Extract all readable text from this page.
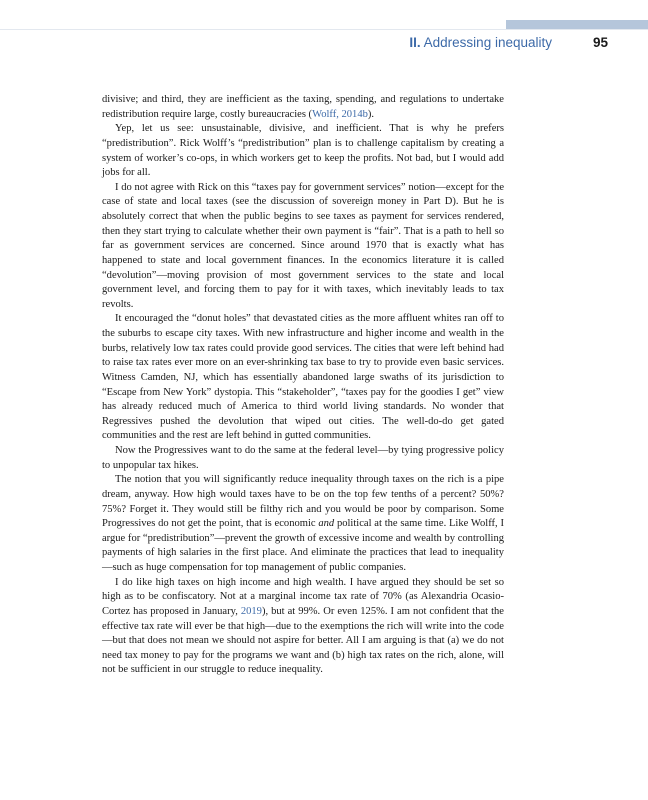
II. Addressing inequality	95

divisive; and third, they are inefficient as the taxing, spending, and regulations to undertake redistribution require large, costly bureaucracies (Wolff, 2014b).

Yep, let us see: unsustainable, divisive, and inefficient. That is why he prefers “predistribution”. Rick Wolff’s “predistribution” plan is to challenge capitalism by creating a system of worker’s co-ops, in which workers get to keep the profits. Not bad, but I would add jobs for all.

I do not agree with Rick on this “taxes pay for government services” notion—except for the case of state and local taxes (see the discussion of sovereign money in Part D). But he is absolutely correct that when the public begins to see taxes as payment for services rendered, then they start trying to calculate whether their own payment is “fair”. That is a path to hell so far as government services are concerned. Since around 1970 that is exactly what has happened to state and local government finances. In the economics literature it is called “devolution”—moving provision of most government services to the state and local government level, and forcing them to pay for it with taxes, which inevitably leads to tax revolts.

It encouraged the “donut holes” that devastated cities as the more affluent whites ran off to the suburbs to escape city taxes. With new infrastructure and higher income and wealth in the burbs, relatively low tax rates could provide good services. The cities that were left behind had to raise tax rates ever more on an ever-shrinking tax base to try to provide even basic services. Witness Camden, NJ, which has essentially abandoned large swaths of its jurisdiction to “Escape from New York” dystopia. This “stakeholder”, “taxes pay for the goodies I get” view has already reduced much of America to third world living standards. No wonder that Regressives pushed the devolution that wiped out cities. The well-do-do get gated communities and the rest are left behind in gutted communities.

Now the Progressives want to do the same at the federal level—by tying progressive policy to unpopular tax hikes.

The notion that you will significantly reduce inequality through taxes on the rich is a pipe dream, anyway. How high would taxes have to be on the top few tenths of a percent? 50%? 75%? Forget it. They would still be filthy rich and you would be poor by comparison. Some Progressives do not get the point, that is economic and political at the same time. Like Wolff, I argue for “predistribution”—prevent the growth of excessive income and wealth by controlling payments of high salaries in the first place. And eliminate the practices that lead to inequality—such as huge compensation for top management of public companies.

I do like high taxes on high income and high wealth. I have argued they should be set so high as to be confiscatory. Not at a marginal income tax rate of 70% (as Alexandria Ocasio-Cortez has proposed in January, 2019), but at 99%. Or even 125%. I am not confident that the effective tax rate will ever be that high—due to the exemptions the rich will write into the code—but that does not mean we should not aspire for better. All I am arguing is that (a) we do not need tax money to pay for the programs we want and (b) high tax rates on the rich, alone, will not be sufficient in our struggle to reduce inequality.
